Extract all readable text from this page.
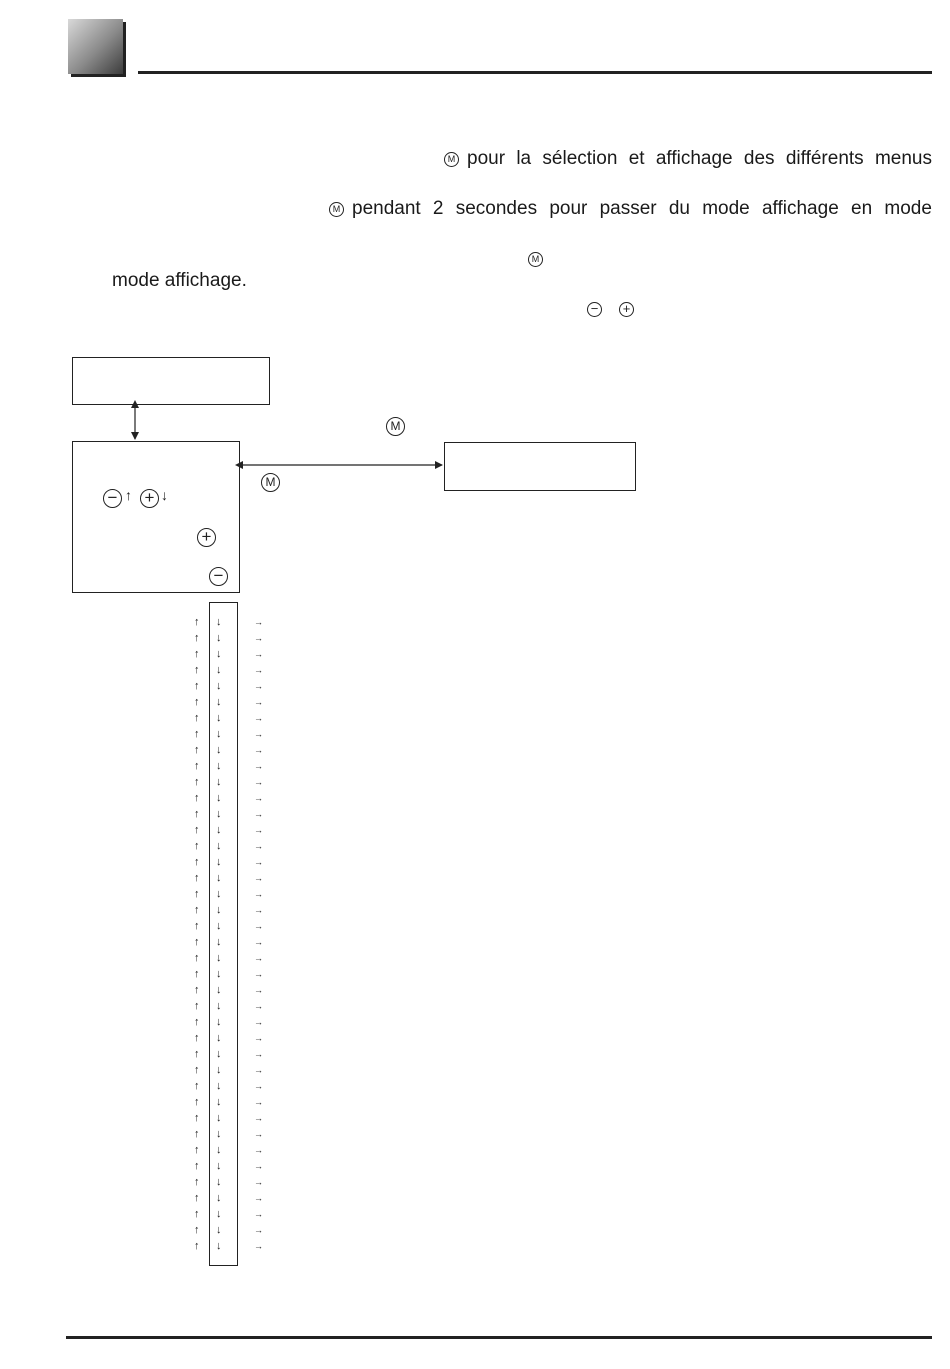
M pour la sélection et affichage des différents menus
M pendant 2 secondes pour passer du mode affichage en mode
M
mode affichage.
− +
M
M
− ↑ + ↓
+
−
↑ ↓	→
↑ ↓	→
↑ ↓	→
↑ ↓	→
↑ ↓	→
↑ ↓	→
↑ ↓	→
↑ ↓	→
↑ ↓	→
↑ ↓	→
↑ ↓	→
↑ ↓	→
↑ ↓	→
↑ ↓	→
↑ ↓	→
↑ ↓	→
↑ ↓	→
↑ ↓	→
↑ ↓	→
↑ ↓	→
↑ ↓	→
↑ ↓	→
↑ ↓	→
↑ ↓	→
↑ ↓	→
↑ ↓	→
↑ ↓	→
↑ ↓	→
↑ ↓	→
↑ ↓	→
↑ ↓	→
↑ ↓	→
↑ ↓	→
↑ ↓	→
↑ ↓	→
↑ ↓	→
↑ ↓	→
↑ ↓	→
↑ ↓	→
↑ ↓	→
